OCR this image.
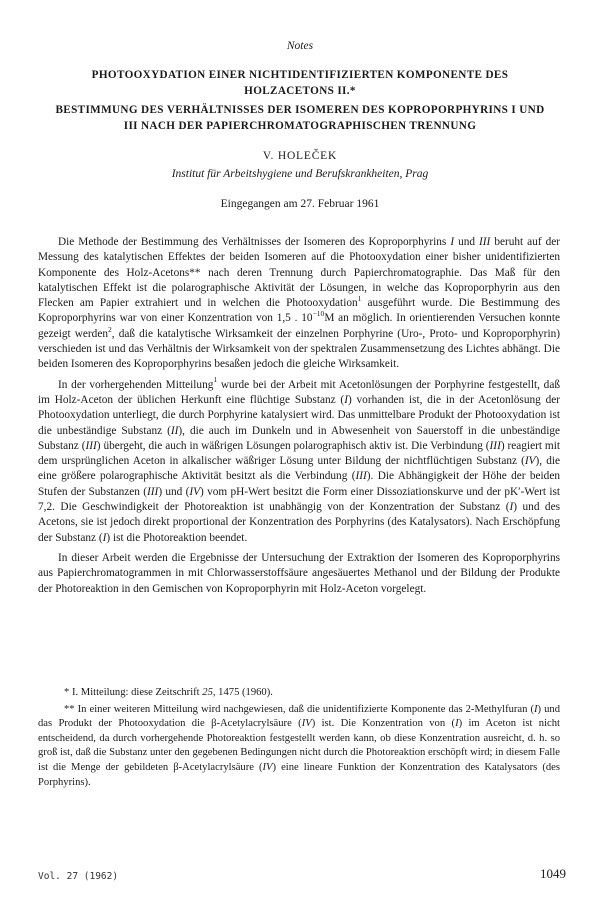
Notes
PHOTOOXYDATION EINER NICHTIDENTIFIZIERTEN KOMPONENTE DES HOLZACETONS II.*
BESTIMMUNG DES VERHÄLTNISSES DER ISOMEREN DES KOPROPORPHYRINS I UND III NACH DER PAPIERCHROMATOGRAPHISCHEN TRENNUNG
V. HOLEČEK
Institut für Arbeitshygiene und Berufskrankheiten, Prag
Eingegangen am 27. Februar 1961

Die Methode der Bestimmung des Verhältnisses der Isomeren des Koproporphyrins I und III beruht auf der Messung des katalytischen Effektes der beiden Isomeren auf die Photooxydation einer bisher unidentifizierten Komponente des Holz-Acetons** nach deren Trennung durch Papierchromatographie. Das Maß für den katalytischen Effekt ist die polarographische Aktivität der Lösungen, in welche das Koproporphyrin aus den Flecken am Papier extrahiert und in welchen die Photooxydation$^1$ ausgeführt wurde. Die Bestimmung des Koproporphyrins war von einer Konzentration von 1,5 . $10^{-10}M$ an möglich. In orientierenden Versuchen konnte gezeigt werden$^2$, daß die katalytische Wirksamkeit der einzelnen Porphyrine (Uro-, Proto- und Koproporphyrin) verschieden ist und das Verhältnis der Wirksamkeit von der spektralen Zusammensetzung des Lichtes abhängt. Die beiden Isomeren des Koproporphyrins besaßen jedoch die gleiche Wirksamkeit.

In der vorhergehenden Mitteilung$^1$ wurde bei der Arbeit mit Acetonlösungen der Porphyrine festgestellt, daß im Holz-Aceton der üblichen Herkunft eine flüchtige Substanz (I) vorhanden ist, die in der Acetonlösung der Photooxydation unterliegt, die durch Porphyrine katalysiert wird. Das unmittelbare Produkt der Photooxydation ist die unbeständige Substanz (II), die auch im Dunkeln und in Abwesenheit von Sauerstoff in die unbeständige Substanz (III) übergeht, die auch in wäßrigen Lösungen polarographisch aktiv ist. Die Verbindung (III) reagiert mit dem ursprünglichen Aceton in alkalischer wäßriger Lösung unter Bildung der nichtflüchtigen Substanz (IV), die eine größere polarographische Aktivität besitzt als die Verbindung (III). Die Abhängigkeit der Höhe der beiden Stufen der Substanzen (III) und (IV) vom pH-Wert besitzt die Form einer Dissoziationskurve und der pK′-Wert ist 7,2. Die Geschwindigkeit der Photoreaktion ist unabhängig von der Konzentration der Substanz (I) und des Acetons, sie ist jedoch direkt proportional der Konzentration des Porphyrins (des Katalysators). Nach Erschöpfung der Substanz (I) ist die Photoreaktion beendet.

In dieser Arbeit werden die Ergebnisse der Untersuchung der Extraktion der Isomeren des Koproporphyrins aus Papierchromatogrammen in mit Chlorwasserstoffsäure angesäuertes Methanol und der Bildung der Produkte der Photoreaktion in den Gemischen von Koproporphyrin mit Holz-Aceton vorgelegt.

* I. Mitteilung: diese Zeitschrift 25, 1475 (1960).

** In einer weiteren Mitteilung wird nachgewiesen, daß die unidentifizierte Komponente das 2-Methylfuran (I) und das Produkt der Photooxydation die β-Acetylacrylsäure (IV) ist. Die Konzentration von (I) im Aceton ist nicht entscheidend, da durch vorhergehende Photoreaktion festgestellt werden kann, ob diese Konzentration ausreicht, d. h. so groß ist, daß die Substanz unter den gegebenen Bedingungen nicht durch die Photoreaktion erschöpft wird; in diesem Falle ist die Menge der gebildeten β-Acetylacrylsäure (IV) eine lineare Funktion der Konzentration des Katalysators (des Porphyrins).

Vol. 27 (1962)	1049
